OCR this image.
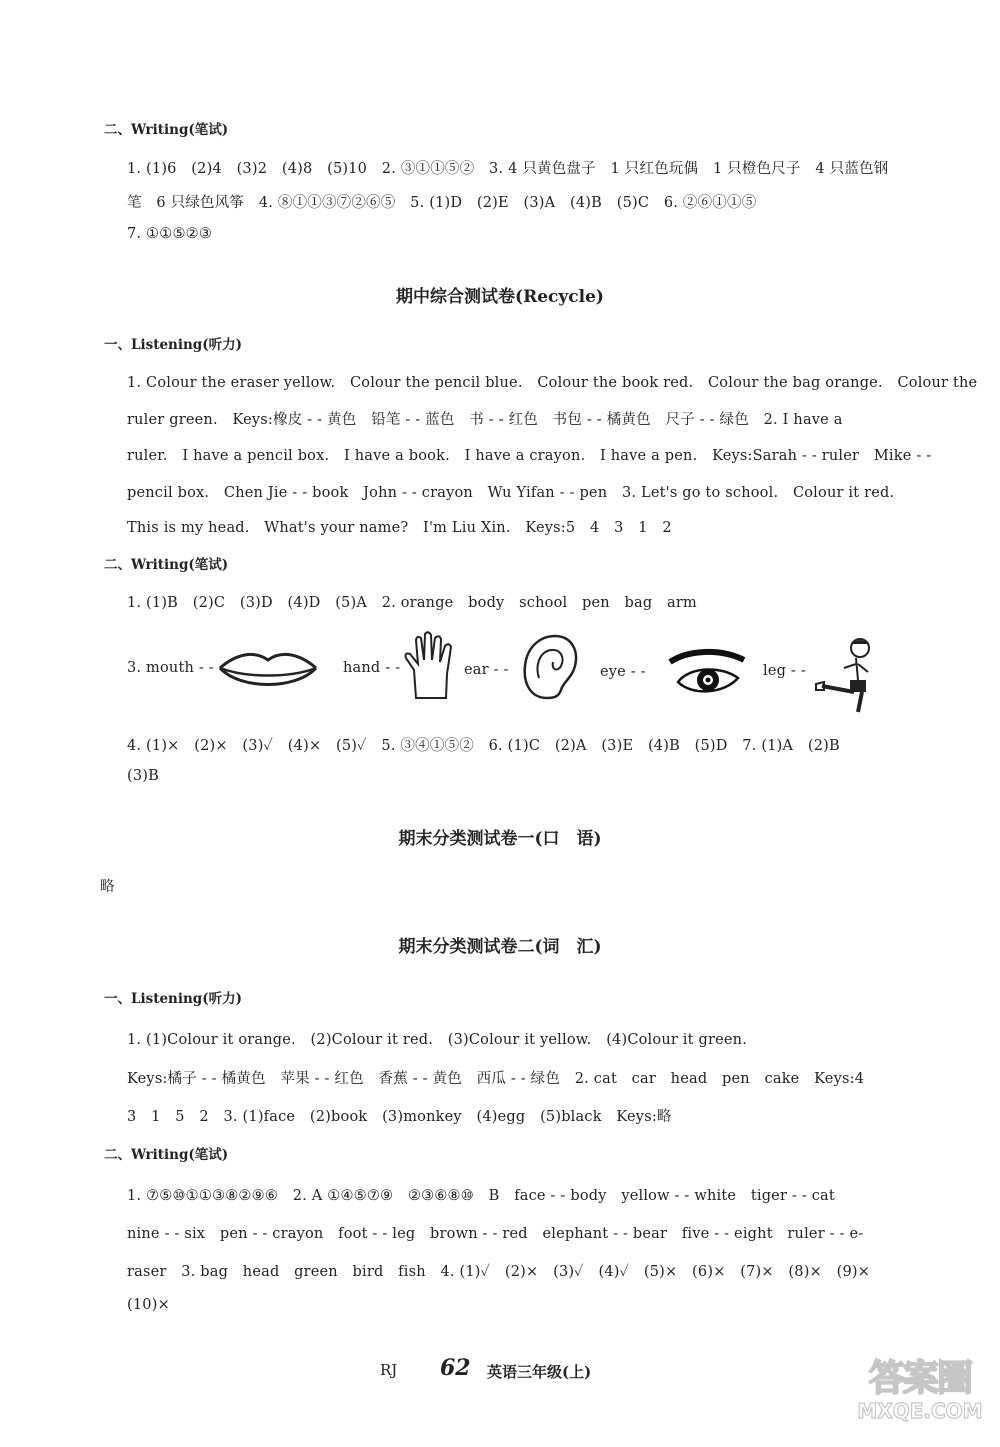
二、Writing(笔试)
1. (1)6　(2)4　(3)2　(4)8　(5)10　2. ③①①⑤②　3. 4 只黄色盘子　1 只红色玩偶　1 只橙色尺子　4 只蓝色钢
笔　6 只绿色风筝　4. ⑧①①③⑦②⑥⑤　5. (1)D　(2)E　(3)A　(4)B　(5)C　6. ②⑥①①⑤
7. ①①⑤②③
期中综合测试卷(Recycle)
一、Listening(听力)
1. Colour the eraser yellow.　Colour the pencil blue.　Colour the book red.　Colour the bag orange.　Colour the
ruler green.　Keys:橡皮 - - 黄色　铅笔 - - 蓝色　书 - - 红色　书包 - - 橘黄色　尺子 - - 绿色　2. I have a
ruler.　I have a pencil box.　I have a book.　I have a crayon.　I have a pen.　Keys:Sarah - - ruler　Mike - -
pencil box.　Chen Jie - - book　John - - crayon　Wu Yifan - - pen　3. Let's go to school.　Colour it red.
This is my head.　What's your name?　I'm Liu Xin.　Keys:5　4　3　1　2
二、Writing(笔试)
1. (1)B　(2)C　(3)D　(4)D　(5)A　2. orange　body　school　pen　bag　arm
3. mouth - -	hand - -	ear - -	eye - -	leg - -
4. (1)×　(2)×　(3)✓　(4)×　(5)✓　5. ③④①⑤②　6. (1)C　(2)A　(3)E　(4)B　(5)D　7. (1)A　(2)B
(3)B
期末分类测试卷一(口　语)
略
期末分类测试卷二(词　汇)
一、Listening(听力)
1. (1)Colour it orange.　(2)Colour it red.　(3)Colour it yellow.　(4)Colour it green.
Keys:橘子 - - 橘黄色　苹果 - - 红色　香蕉 - - 黄色　西瓜 - - 绿色　2. cat　car　head　pen　cake　Keys:4
3　1　5　2　3. (1)face　(2)book　(3)monkey　(4)egg　(5)black　Keys:略
二、Writing(笔试)
1. ⑦⑤⑩①①③⑧②⑨⑥　2. A ①④⑤⑦⑨　②③⑥⑧⑩　B　face - - body　yellow - - white　tiger - - cat
nine - - six　pen - - crayon　foot - - leg　brown - - red　elephant - - bear　five - - eight　ruler - - e-
raser　3. bag　head　green　bird　fish　4. (1)✓　(2)×　(3)✓　(4)✓　(5)×　(6)×　(7)×　(8)×　(9)×
(10)×
RJ 62 英语三年级(上)	答案圈
MXQE.COM
